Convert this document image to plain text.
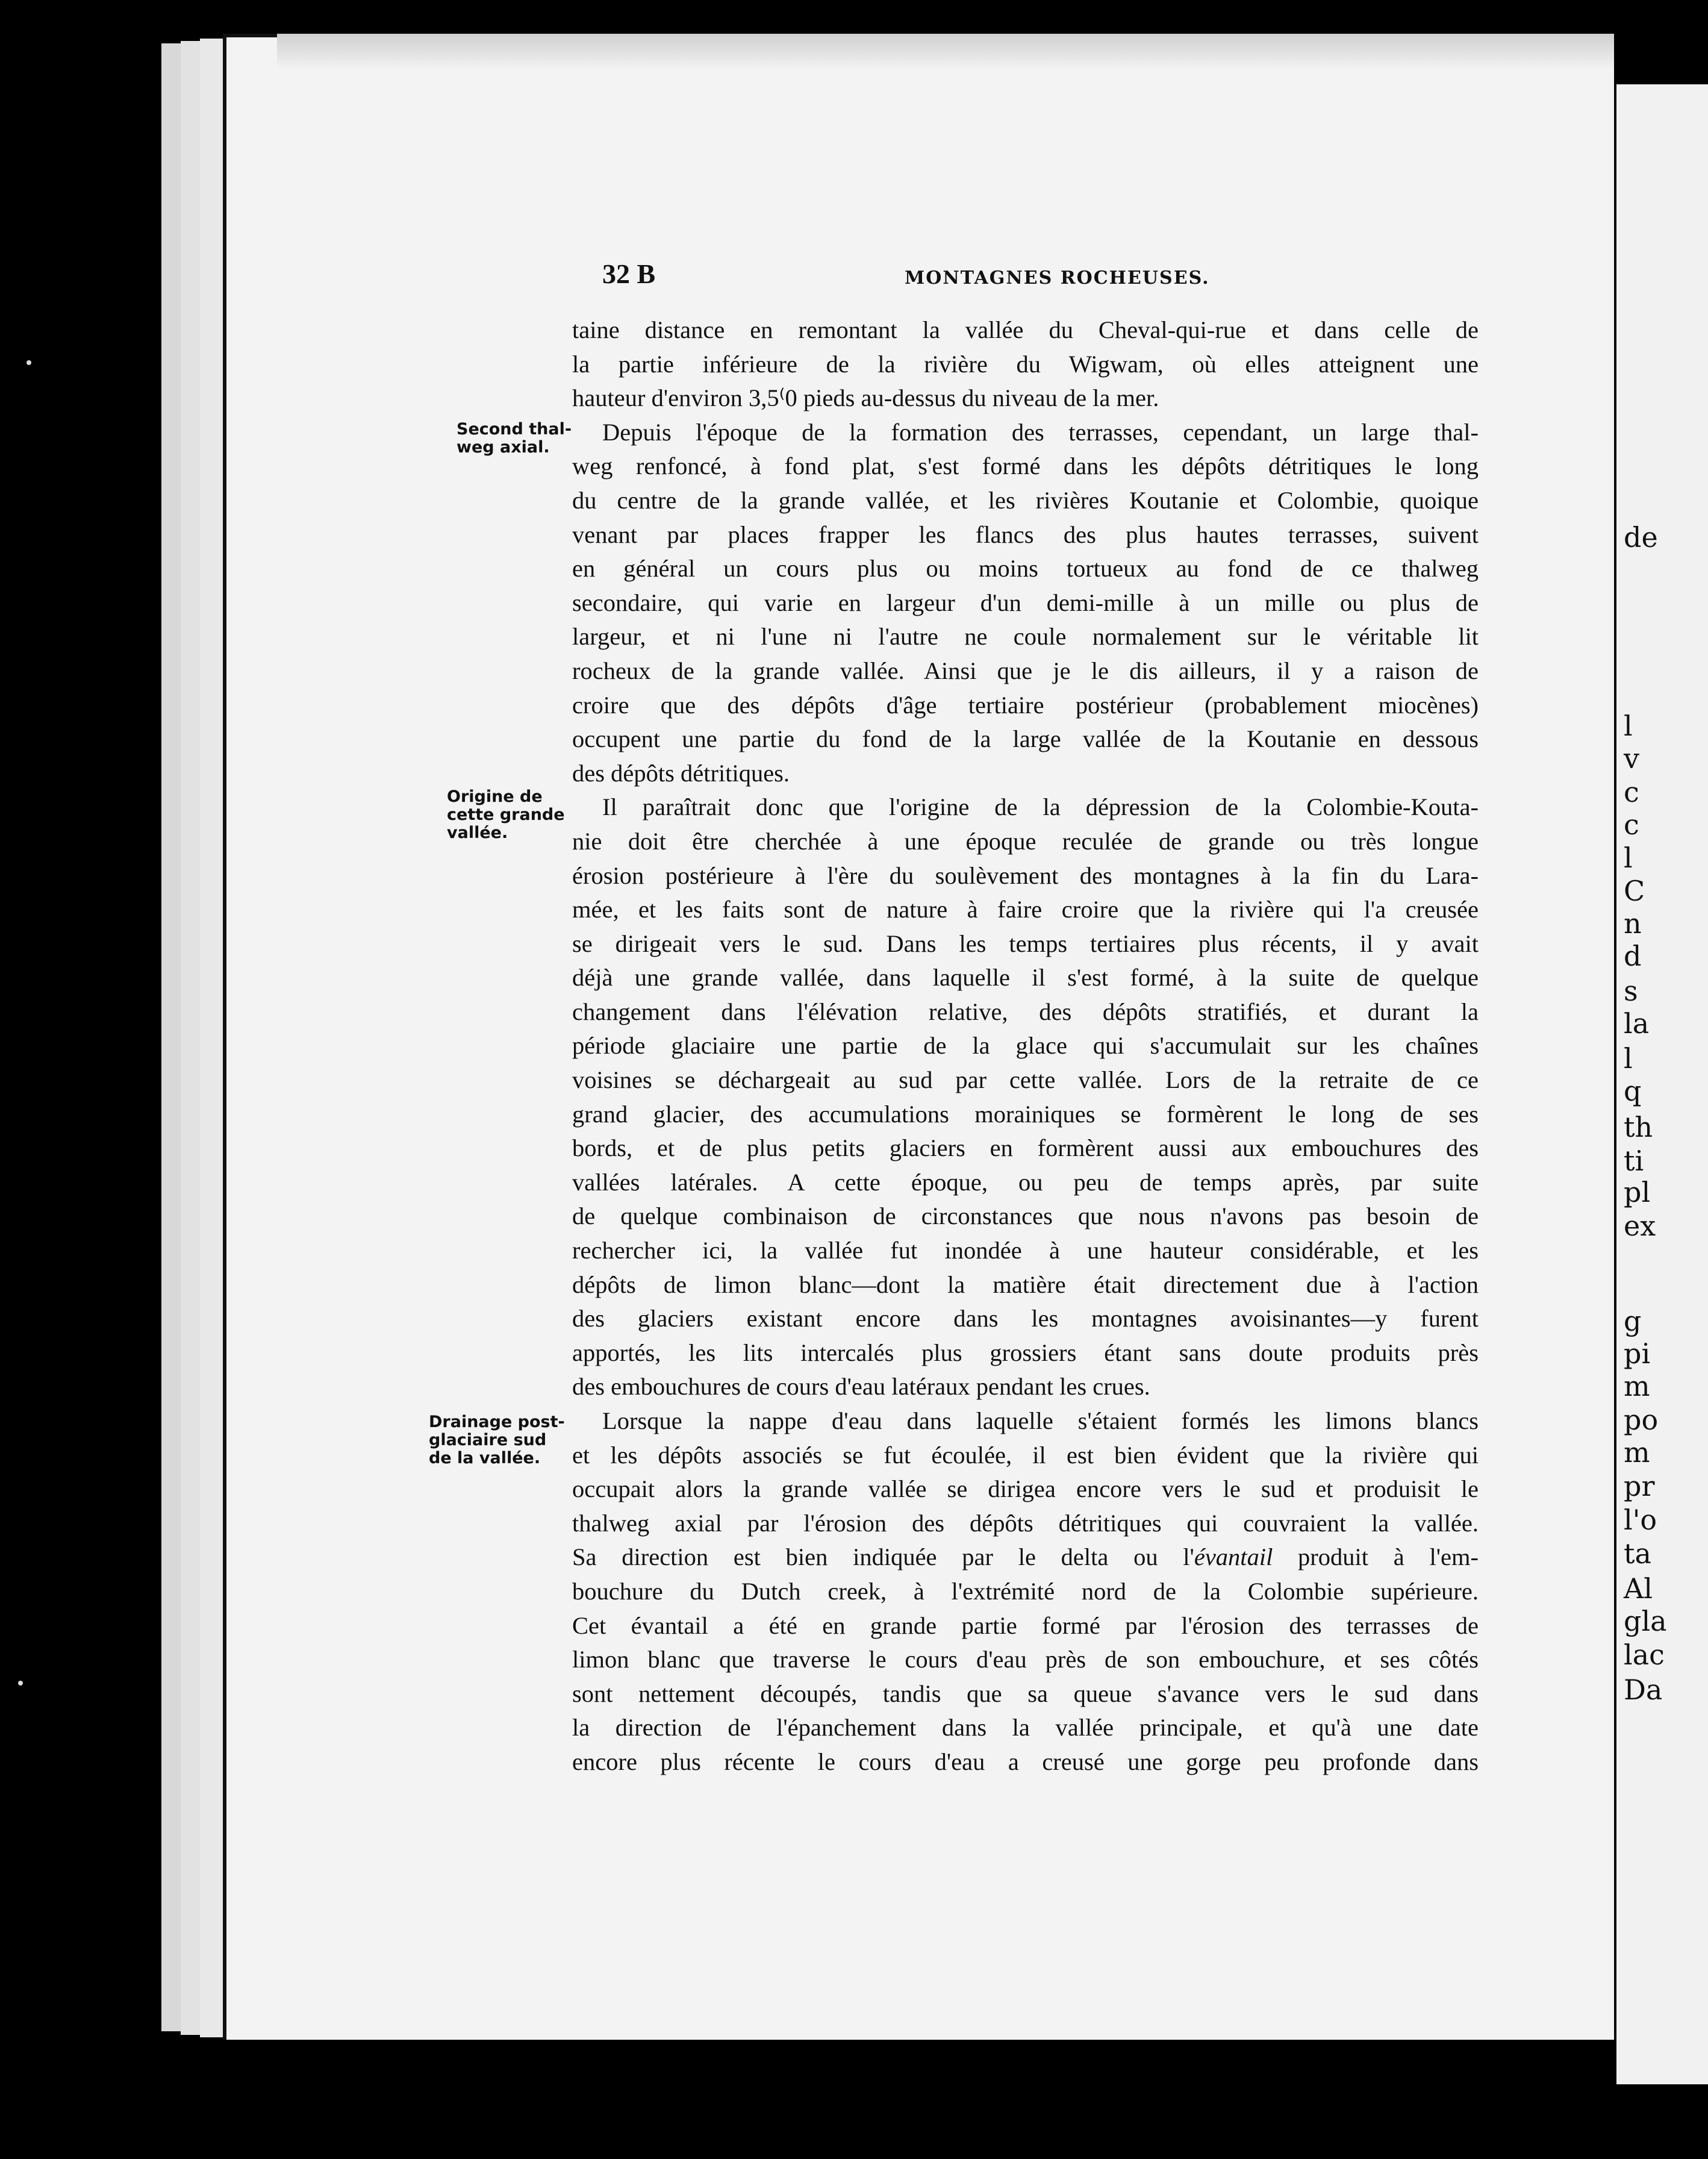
de
l
v
c
c
l
C
n
d
s
la
l
q
th
ti
pl
ex
g
pi
m
po
m
pr
l'o
ta
Al
gla
lac
Da
32 B	MONTAGNES ROCHEUSES.
Second thal-
weg axial.
Origine de
cette grande
vallée.
Drainage post-
glaciaire sud
de la vallée.
taine distance en remontant la vallée du Cheval-qui-rue et dans celle de
la partie inférieure de la rivière du Wigwam, où elles atteignent une
hauteur d'environ 3,5⁽0 pieds au-dessus du niveau de la mer.
Depuis l'époque de la formation des terrasses, cependant, un large thal-
weg renfoncé, à fond plat, s'est formé dans les dépôts détritiques le long
du centre de la grande vallée, et les rivières Koutanie et Colombie, quoique
venant par places frapper les flancs des plus hautes terrasses, suivent
en général un cours plus ou moins tortueux au fond de ce thalweg
secondaire, qui varie en largeur d'un demi-mille à un mille ou plus de
largeur, et ni l'une ni l'autre ne coule normalement sur le véritable lit
rocheux de la grande vallée. Ainsi que je le dis ailleurs, il y a raison de
croire que des dépôts d'âge tertiaire postérieur (probablement miocènes)
occupent une partie du fond de la large vallée de la Koutanie en dessous
des dépôts détritiques.
Il paraîtrait donc que l'origine de la dépression de la Colombie-Kouta-
nie doit être cherchée à une époque reculée de grande ou très longue
érosion postérieure à l'ère du soulèvement des montagnes à la fin du Lara-
mée, et les faits sont de nature à faire croire que la rivière qui l'a creusée
se dirigeait vers le sud. Dans les temps tertiaires plus récents, il y avait
déjà une grande vallée, dans laquelle il s'est formé, à la suite de quelque
changement dans l'élévation relative, des dépôts stratifiés, et durant la
période glaciaire une partie de la glace qui s'accumulait sur les chaînes
voisines se déchargeait au sud par cette vallée. Lors de la retraite de ce
grand glacier, des accumulations morainiques se formèrent le long de ses
bords, et de plus petits glaciers en formèrent aussi aux embouchures des
vallées latérales. A cette époque, ou peu de temps après, par suite
de quelque combinaison de circonstances que nous n'avons pas besoin de
rechercher ici, la vallée fut inondée à une hauteur considérable, et les
dépôts de limon blanc—dont la matière était directement due à l'action
des glaciers existant encore dans les montagnes avoisinantes—y furent
apportés, les lits intercalés plus grossiers étant sans doute produits près
des embouchures de cours d'eau latéraux pendant les crues.
Lorsque la nappe d'eau dans laquelle s'étaient formés les limons blancs
et les dépôts associés se fut écoulée, il est bien évident que la rivière qui
occupait alors la grande vallée se dirigea encore vers le sud et produisit le
thalweg axial par l'érosion des dépôts détritiques qui couvraient la vallée.
Sa direction est bien indiquée par le delta ou l'évantail produit à l'em-
bouchure du Dutch creek, à l'extrémité nord de la Colombie supérieure.
Cet évantail a été en grande partie formé par l'érosion des terrasses de
limon blanc que traverse le cours d'eau près de son embouchure, et ses côtés
sont nettement découpés, tandis que sa queue s'avance vers le sud dans
la direction de l'épanchement dans la vallée principale, et qu'à une date
encore plus récente le cours d'eau a creusé une gorge peu profonde dans
